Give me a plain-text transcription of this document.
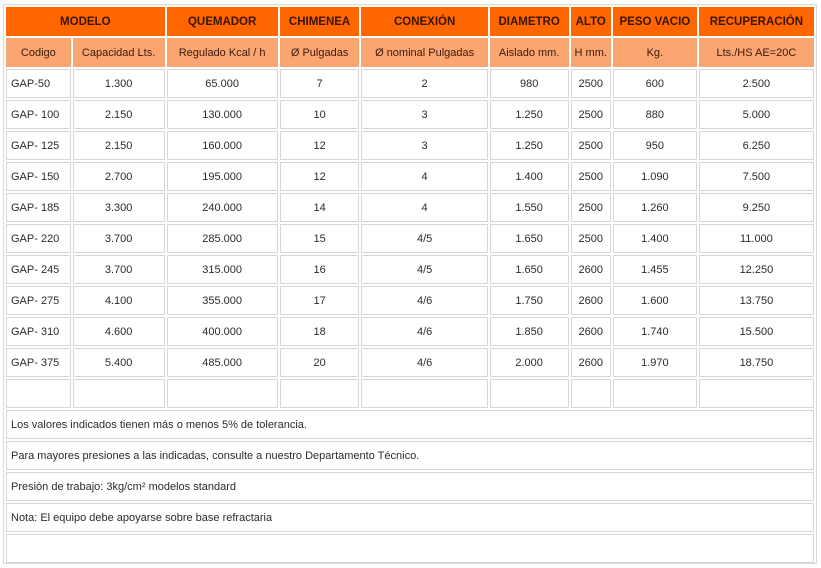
MODELO		QUEMADOR	CHIMENEA	CONEXIÓN	DIAMETRO	ALTO	PESO VACIO	RECUPERACIÓN
Codigo	Capacidad Lts.	Regulado Kcal / h	Ø Pulgadas	Ø nominal Pulgadas	Aislado mm.	H mm.	Kg.	Lts./HS AE=20C
GAP-50	1.300	65.000	7	2	980	2500	600	2.500
GAP- 100	2.150	130.000	10	3	1.250	2500	880	5.000
GAP- 125	2.150	160.000	12	3	1.250	2500	950	6.250
GAP- 150	2.700	195.000	12	4	1.400	2500	1.090	7.500
GAP- 185	3.300	240.000	14	4	1.550	2500	1.260	9.250
GAP- 220	3.700	285.000	15	4/5	1.650	2500	1.400	11.000
GAP- 245	3.700	315.000	16	4/5	1.650	2600	1.455	12.250
GAP- 275	4.100	355.000	17	4/6	1.750	2600	1.600	13.750
GAP- 310	4.600	400.000	18	4/6	1.850	2600	1.740	15.500
GAP- 375	5.400	485.000	20	4/6	2.000	2600	1.970	18.750

Los valores indicados tienen más o menos 5% de tolerancia.								
Para mayores presiones a las indicadas, consulte a nuestro Departamento Técnico.								
Presión de trabajo: 3kg/cm² modelos standard								
Nota: El equipo debe apoyarse sobre base refractaria								
